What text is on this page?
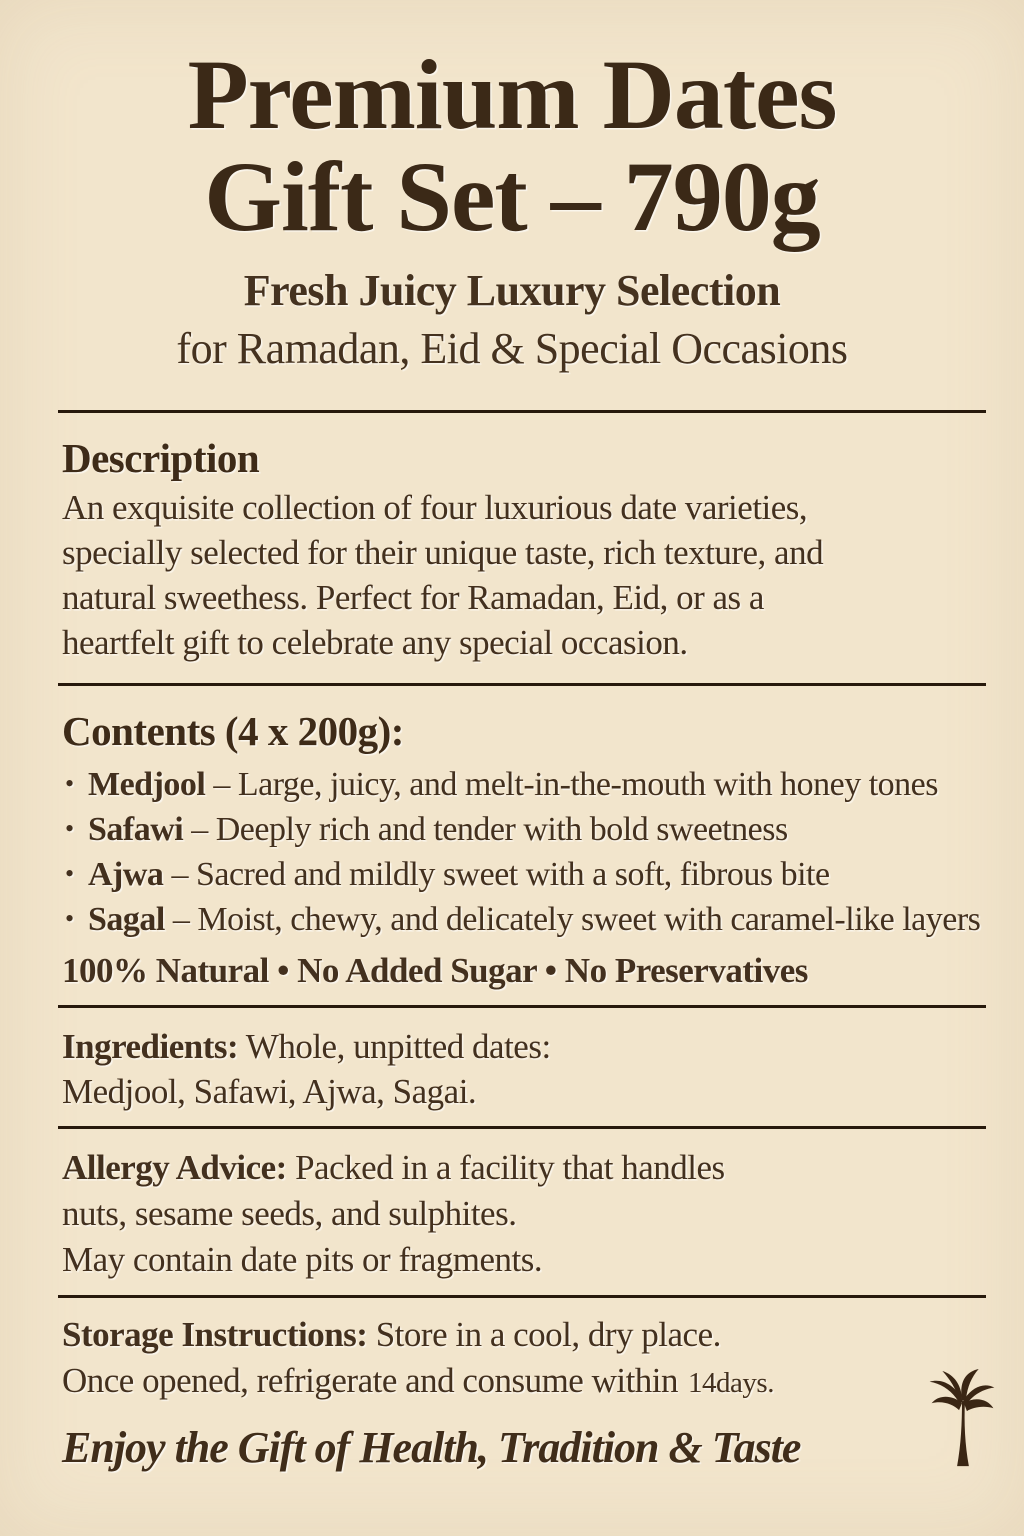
Premium Dates
Gift Set – 790g
Fresh Juicy Luxury Selection
for Ramadan, Eid & Special Occasions
Description
An exquisite collection of four luxurious date varieties,
specially selected for their unique taste, rich texture, and
natural sweethess. Perfect for Ramadan, Eid, or as a
heartfelt gift to celebrate any special occasion.
Contents (4 x 200g):
• Medjool – Large, juicy, and melt-in-the-mouth with honey tones
• Safawi – Deeply rich and tender with bold sweetness
• Ajwa – Sacred and mildly sweet with a soft, fibrous bite
• Sagal – Moist, chewy, and delicately sweet with caramel-like layers
100% Natural • No Added Sugar • No Preservatives
Ingredients: Whole, unpitted dates:
Medjool, Safawi, Ajwa, Sagai.
Allergy Advice: Packed in a facility that handles
nuts, sesame seeds, and sulphites.
May contain date pits or fragments.
Storage Instructions: Store in a cool, dry place.
Once opened, refrigerate and consume within 14days.
Enjoy the Gift of Health, Tradition & Taste
